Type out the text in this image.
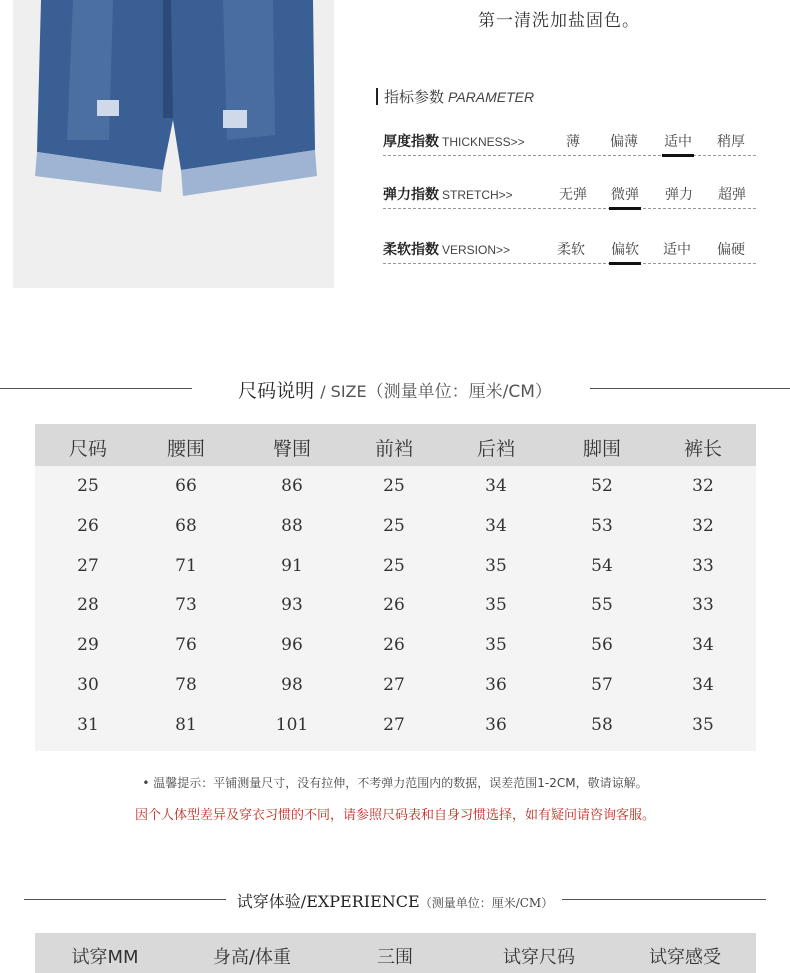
第一清洗加盐固色。
指标参数 PARAMETER
厚度指数 THICKNESS>>	薄	偏薄	适中	稍厚
弹力指数 STRETCH>>	无弹	微弹	弹力	超弹
柔软指数 VERSION>>	柔软	偏软	适中	偏硬
尺码说明 / SIZE（测量单位：厘米/CM）
尺码	腰围	臀围	前裆	后裆	脚围	裤长
25	66	86	25	34	52	32
26	68	88	25	34	53	32
27	71	91	25	35	54	33
28	73	93	26	35	55	33
29	76	96	26	35	56	34
30	78	98	27	36	57	34
31	81	101	27	36	58	35
• 温馨提示：平铺测量尺寸，没有拉伸，不考弹力范围内的数据，误差范围1-2CM，敬请谅解。
因个人体型差异及穿衣习惯的不同，请参照尺码表和自身习惯选择，如有疑问请咨询客服。
试穿体验/EXPERIENCE（测量单位：厘米/CM）
试穿MM	身高/体重	三围	试穿尺码	试穿感受
